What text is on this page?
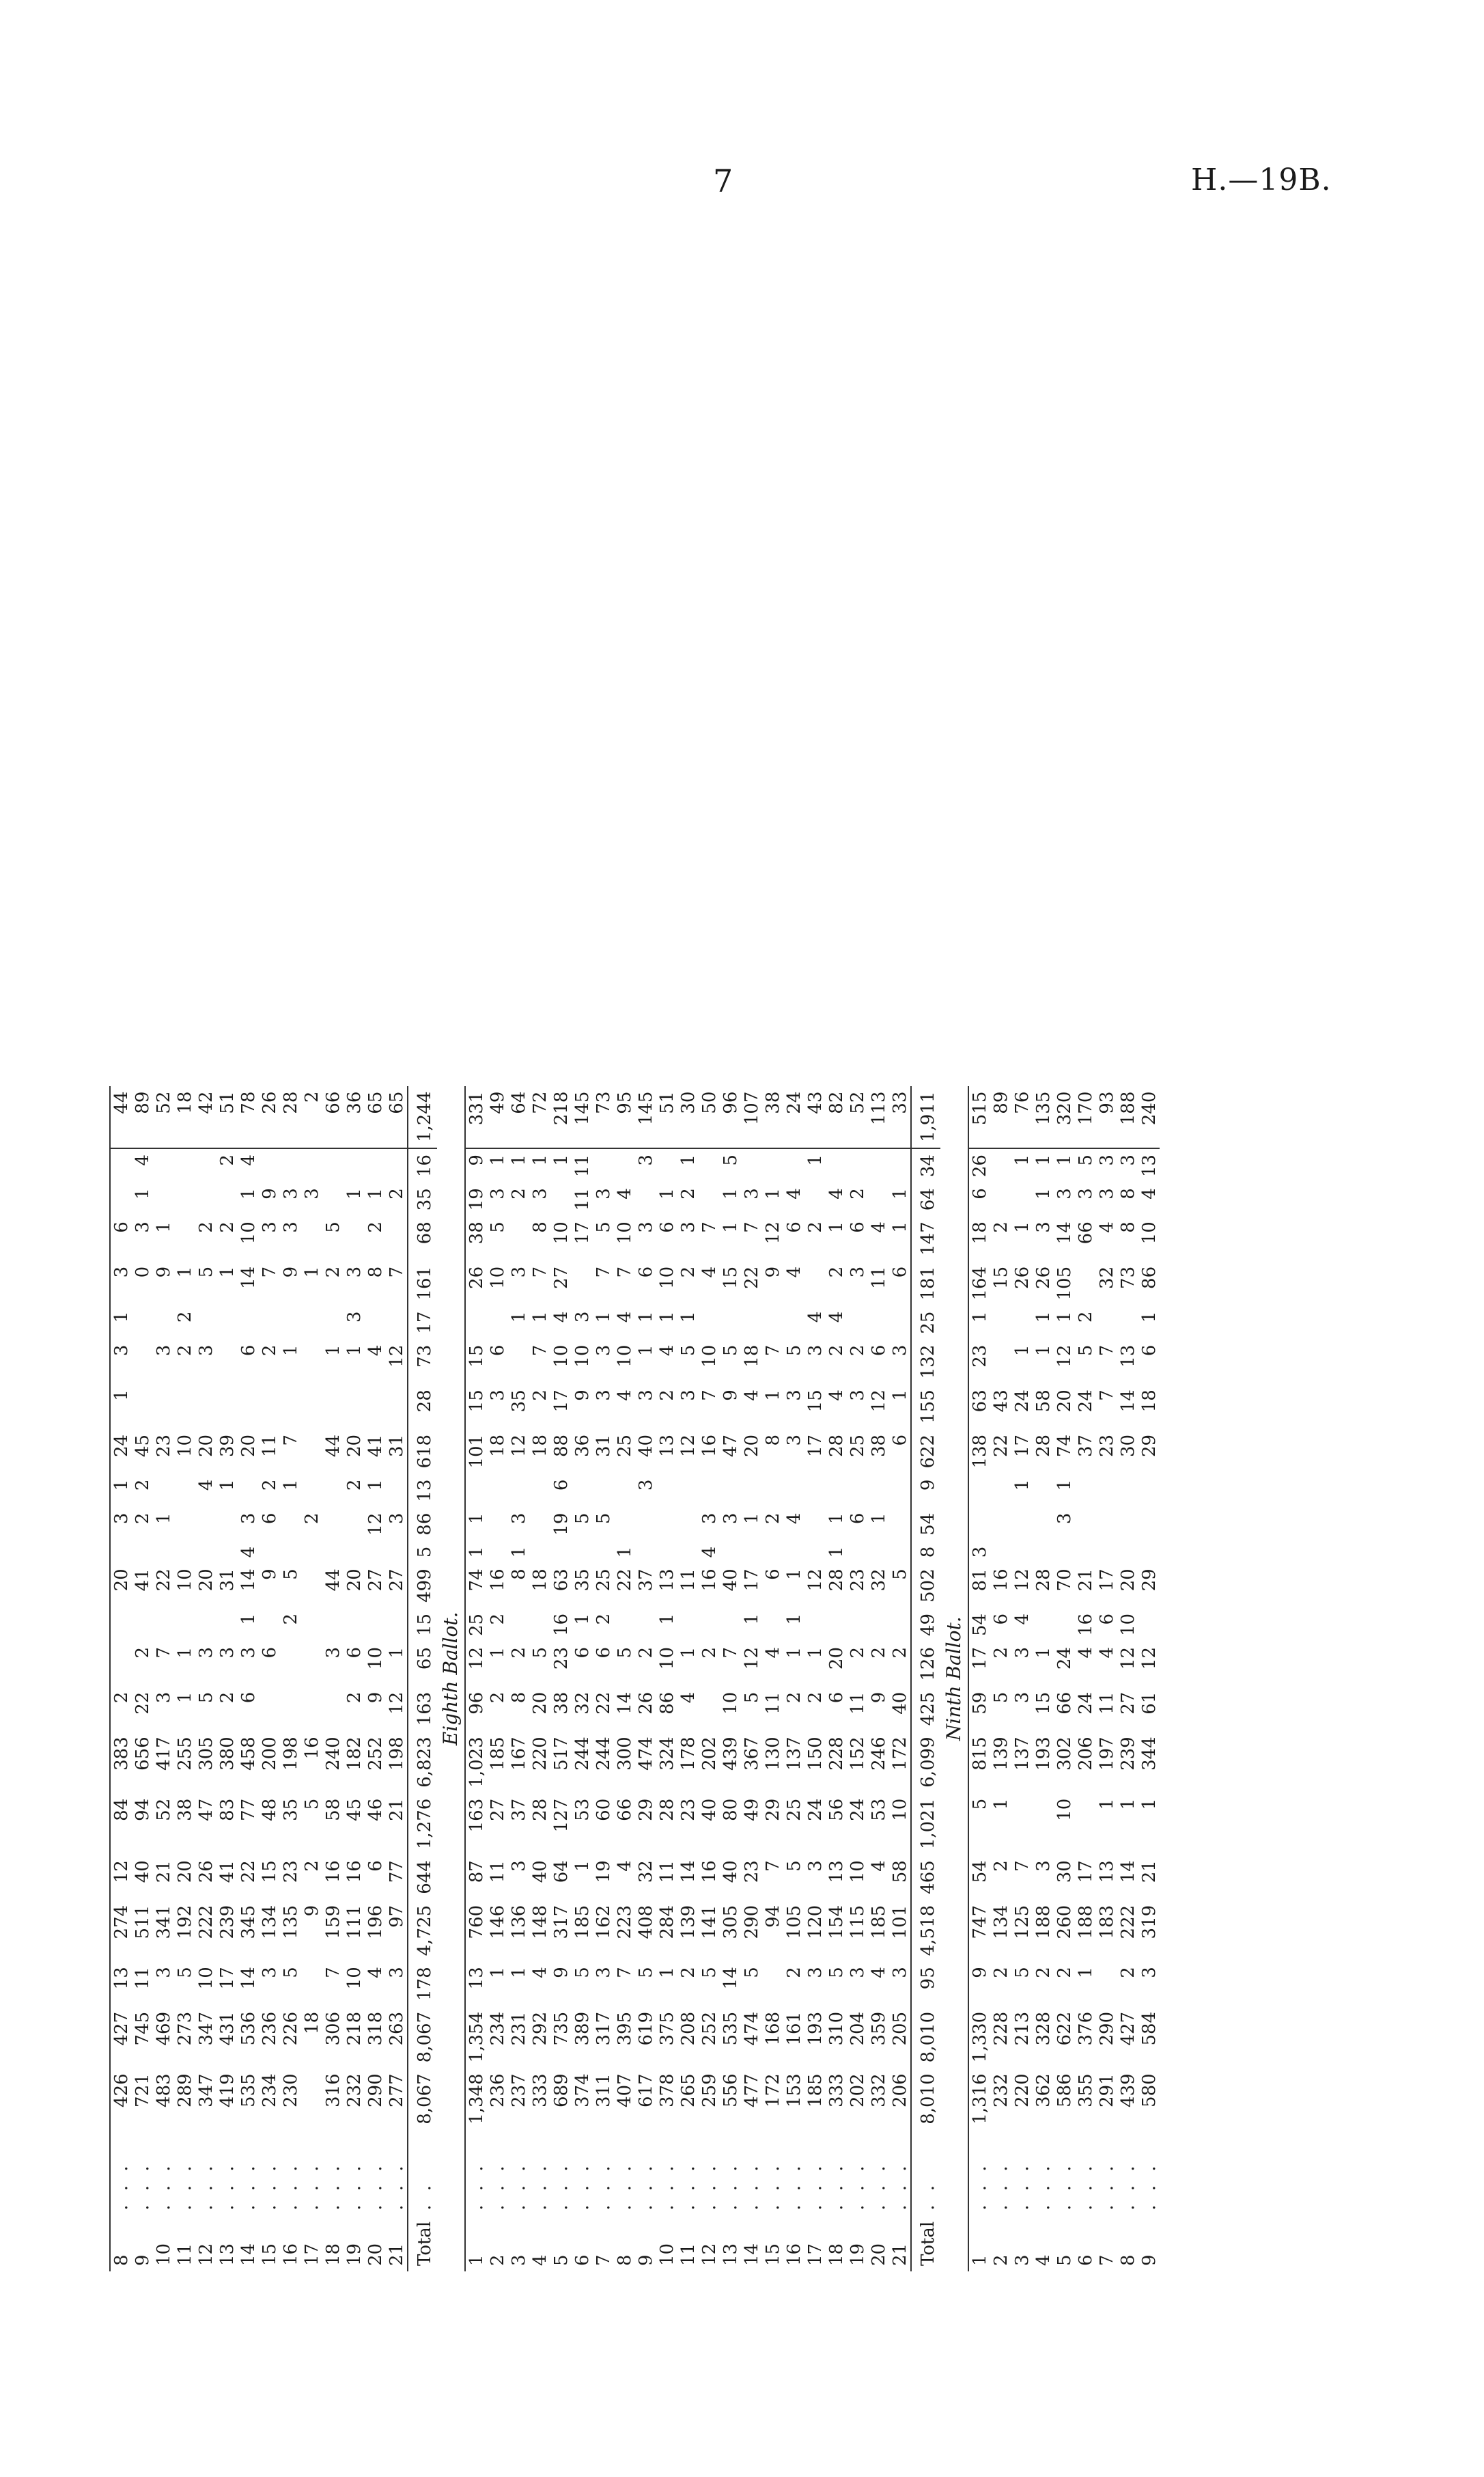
7	H.—19B.
8	. . .	426	427	13	274	12	84	383	2			20		3	1	24	1	3	1	3	6			44
9	. . .	721	745	11	511	40	94	656	22	2		41		2	2	45				0	3	1	4	89
10	. . .	483	469	3	341	21	52	417	3	7		22		1		23		3		9	1			52
11	. . .	289	273	5	192	20	38	255	1	1		10				10		2	2	1				18
12	. . .	347	347	10	222	26	47	305	5	3		20			4	20		3		5	2			42
13	. . .	419	431	17	239	41	83	380	2	3		31			1	39				1	2		2	51
14	. . .	535	536	14	345	22	77	458	6	3	1	14	4	3		20		6		14	10	1	4	78
15	. . .	234	236	3	134	15	48	200		6		9		6	2	11		2		7	3	9		26
16	. . .	230	226	5	135	23	35	198			2	5			1	7		1		9	3	3		28
17	. . .		18		9	2	5	16						2						1		3		2
18	. . .	316	306	7	159	16	58	240		3		44				44		1		2	5			66
19	. . .	232	218	10	111	16	45	182	2	6		20			2	20		1	3	3		1		36
20	. . .	290	318	4	196	6	46	252	9	10		27		12	1	41		4		8	2	1		65
21	. . .	277	263	3	97	77	21	198	12	1		27		3		31		12		7		2		65
Total	. .	8,067	8,067	178	4,725	644	1,276	6,823	163	65	15	499	5	86	13	618	28	73	17	161	68	35	16	1,244
Eighth Ballot.																								
1	. . .	1,348	1,354	13	760	87	163	1,023	96	12	25	74	1	1		101	15	15		26	38	19	9	331
2	. . .	236	234	1	146	11	27	185	2	1	2	16				18	3	6		10	5	3	1	49
3	. . .	237	231	1	136	3	37	167	8	2		8	1	3		12	35		1	3		2	1	64
4	. . .	333	292	4	148	40	28	220	20	5		18				18	2	7	1	7	8	3	1	72
5	. . .	689	735	9	317	64	127	517	38	23	16	63		19	6	88	17	10	4	27	10		1	218
6	. . .	374	389	5	185	1	53	244	32	6	1	35		5		36	9	10	3		17	11	11	145
7	. . .	311	317	3	162	19	60	244	22	6	2	25		5		31	3	3	1	7	5	3		73
8	. . .	407	395	7	223	4	66	300	14	5		22	1			25	4	10	4	7	10	4		95
9	. . .	617	619	5	408	32	29	474	26	2		37			3	40	3	1	1	6	3		3	145
10	. . .	378	375	1	284	11	28	324	86	10	1	13				13	2	4	1	10	6	1		51
11	. . .	265	208	2	139	14	23	178	4	1		11				12	3	5	1	2	3	2	1	30
12	. . .	259	252	5	141	16	40	202		2		16	4	3		16	7	10		4	7			50
13	. . .	556	535	14	305	40	80	439	10	7		40		3		47	9	5		15	1	1	5	96
14	. . .	477	474	5	290	23	49	367	5	12	1	17		1		20	4	18		22	7	3		107
15	. . .	172	168		94	7	29	130	11	4		6		2		8	1	7		9	12	1		38
16	. . .	153	161	2	105	5	25	137	2	1	1	1		4		3	3	5		4	6	4		24
17	. . .	185	193	3	120	3	24	150	2	1		12				17	15	3	4		2		1	43
18	. . .	333	310	5	154	13	56	228	6	20		28	1	1		28	4	2	4	2	1	4		82
19	. . .	202	204	3	115	10	24	152	11	2		23		6		25	3	2		3	6	2		52
20	. . .	332	359	4	185	4	53	246	9	2		32		1		38	12	6		11	4			113
21	. . .	206	205	3	101	58	10	172	40	2		5				6	1	3		6	1	1		33
Total	. .	8,010	8,010	95	4,518	465	1,021	6,099	425	126	49	502	8	54	9	622	155	132	25	181	147	64	34	1,911
Ninth Ballot.																								
1	. . .	1,316	1,330	9	747	54	5	815	59	17	54	81	3			138	63	23	1	164	18	6	26	515
2	. . .	232	228	2	134	2	1	139	5	2	6	16				22	43			15	2			89
3	. . .	220	213	5	125	7		137	3	3	4	12			1	17	24	1		26	1		1	76
4	. . .	362	328	2	188	3		193	15	1		28				28	58	1	1	26	3	1	1	135
5	. . .	586	622	2	260	30	10	302	66	24		70		3	1	74	20	12	1	105	14	3	1	320
6	. . .	355	376	1	188	17		206	24	4	16	21				37	24	5	2		66	3	5	170
7	. . .	291	290		183	13	1	197	11	4	6	17				23	7	7		32	4	3	3	93
8	. . .	439	427	2	222	14	1	239	27	12	10	20				30	14	13		73	8	8	3	188
9	. . .	580	584	3	319	21	1	344	61	12		29				29	18	6	1	86	10	4	13	240
